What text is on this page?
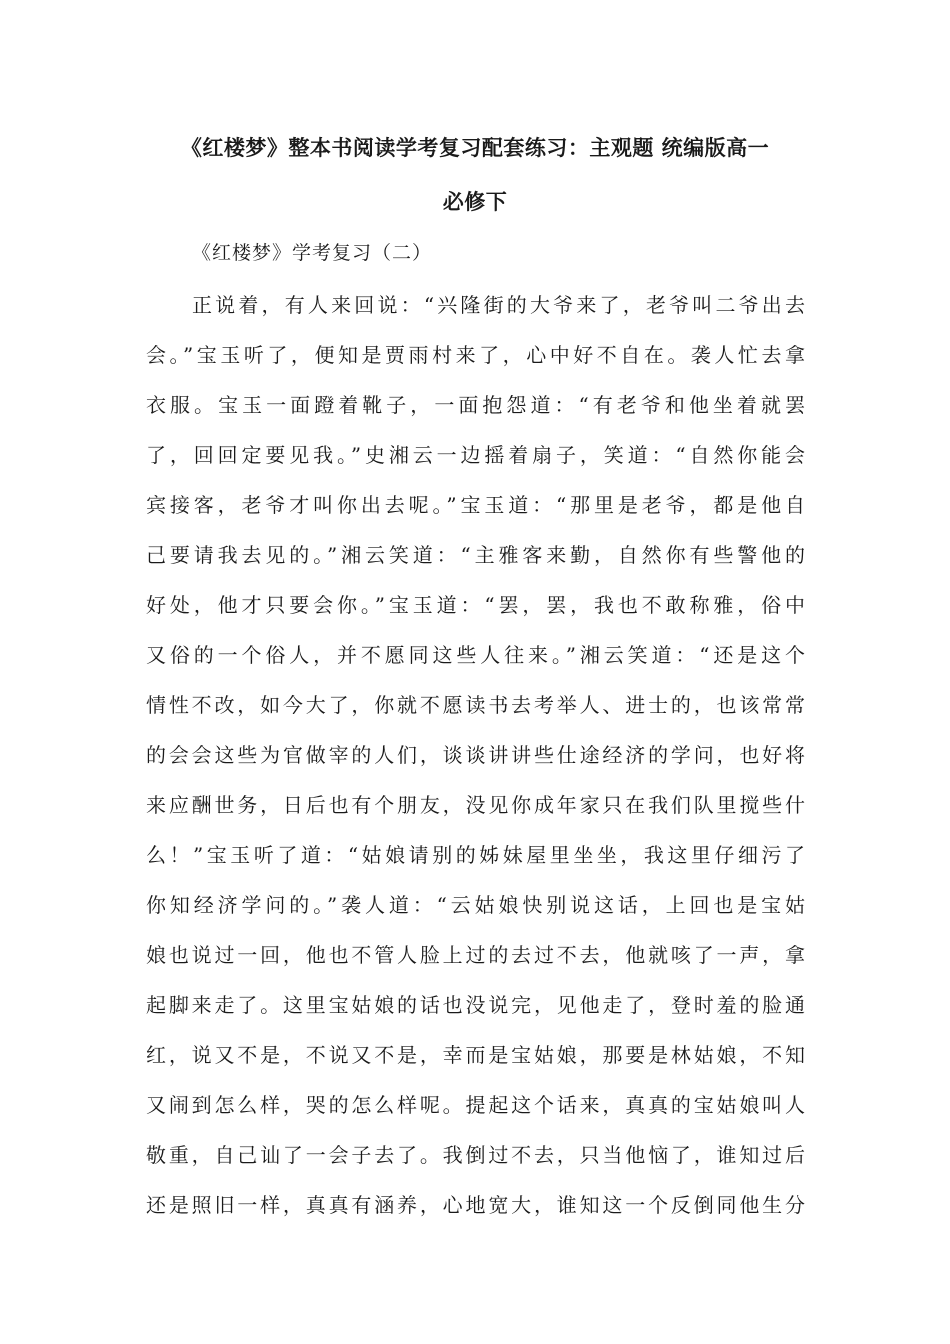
《红楼梦》整本书阅读学考复习配套练习：主观题 统编版高一
必修下
《红楼梦》学考复习（二）
正说着，有人来回说：“兴隆街的大爷来了，老爷叫二爷出去
会。”宝玉听了，便知是贾雨村来了，心中好不自在。袭人忙去拿
衣服。宝玉一面蹬着靴子，一面抱怨道：“有老爷和他坐着就罢
了，回回定要见我。”史湘云一边摇着扇子，笑道：“自然你能会
宾接客，老爷才叫你出去呢。”宝玉道：“那里是老爷，都是他自
己要请我去见的。”湘云笑道：“主雅客来勤，自然你有些警他的
好处，他才只要会你。”宝玉道：“罢，罢，我也不敢称雅，俗中
又俗的一个俗人，并不愿同这些人往来。”湘云笑道：“还是这个
情性不改，如今大了，你就不愿读书去考举人、进士的，也该常常
的会会这些为官做宰的人们，谈谈讲讲些仕途经济的学问，也好将
来应酬世务，日后也有个朋友，没见你成年家只在我们队里搅些什
么！”宝玉听了道：“姑娘请别的姊妹屋里坐坐，我这里仔细污了
你知经济学问的。”袭人道：“云姑娘快别说这话，上回也是宝姑
娘也说过一回，他也不管人脸上过的去过不去，他就咳了一声，拿
起脚来走了。这里宝姑娘的话也没说完，见他走了，登时羞的脸通
红，说又不是，不说又不是，幸而是宝姑娘，那要是林姑娘，不知
又闹到怎么样，哭的怎么样呢。提起这个话来，真真的宝姑娘叫人
敬重，自己讪了一会子去了。我倒过不去，只当他恼了，谁知过后
还是照旧一样，真真有涵养，心地宽大，谁知这一个反倒同他生分
